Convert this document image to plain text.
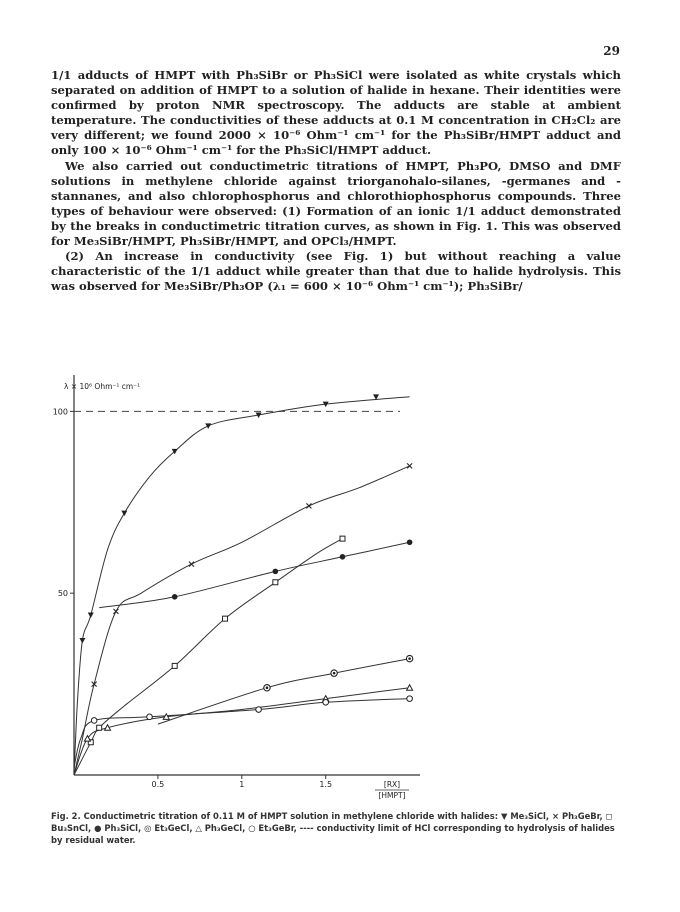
29

1/1 adducts of HMPT with Ph₃SiBr or Ph₃SiCl were isolated as white crystals which separated on addition of HMPT to a solution of halide in hexane. Their identities were confirmed by proton NMR spectroscopy. The adducts are stable at ambient temperature. The conductivities of these adducts at 0.1 M concentration in CH₂Cl₂ are very different; we found 2000 × 10⁻⁶ Ohm⁻¹ cm⁻¹ for the Ph₃SiBr/HMPT adduct and only 100 × 10⁻⁶ Ohm⁻¹ cm⁻¹ for the Ph₃SiCl/HMPT adduct.

We also carried out conductimetric titrations of HMPT, Ph₃PO, DMSO and DMF solutions in methylene chloride against triorganohalo-silanes, -germanes and -stannanes, and also chlorophosphorus and chlorothiophosphorus compounds. Three types of behaviour were observed: (1) Formation of an ionic 1/1 adduct demonstrated by the breaks in conductimetric titration curves, as shown in Fig. 1. This was observed for Me₃SiBr/HMPT, Ph₃SiBr/HMPT, and OPCl₃/HMPT.

(2) An increase in conductivity (see Fig. 1) but without reaching a value characteristic of the 1/1 adduct while greater than that due to halide hydrolysis. This was observed for Me₃SiBr/Ph₃OP (λ₁ = 600 × 10⁻⁶ Ohm⁻¹ cm⁻¹); Ph₃SiBr/

50
100
0.5	1	1.5
λ × 10⁶ Ohm⁻¹ cm⁻¹
[RX]
[HMPT]

Fig. 2. Conductimetric titration of 0.11 M of HMPT solution in methylene chloride with halides: ▼ Me₃SiCl, × Ph₃GeBr, ◻ Bu₃SnCl, ● Ph₃SiCl, ◎ Et₃GeCl, △ Ph₃GeCl, ○ Et₃GeBr, ---- conductivity limit of HCl corresponding to hydrolysis of halides by residual water.
